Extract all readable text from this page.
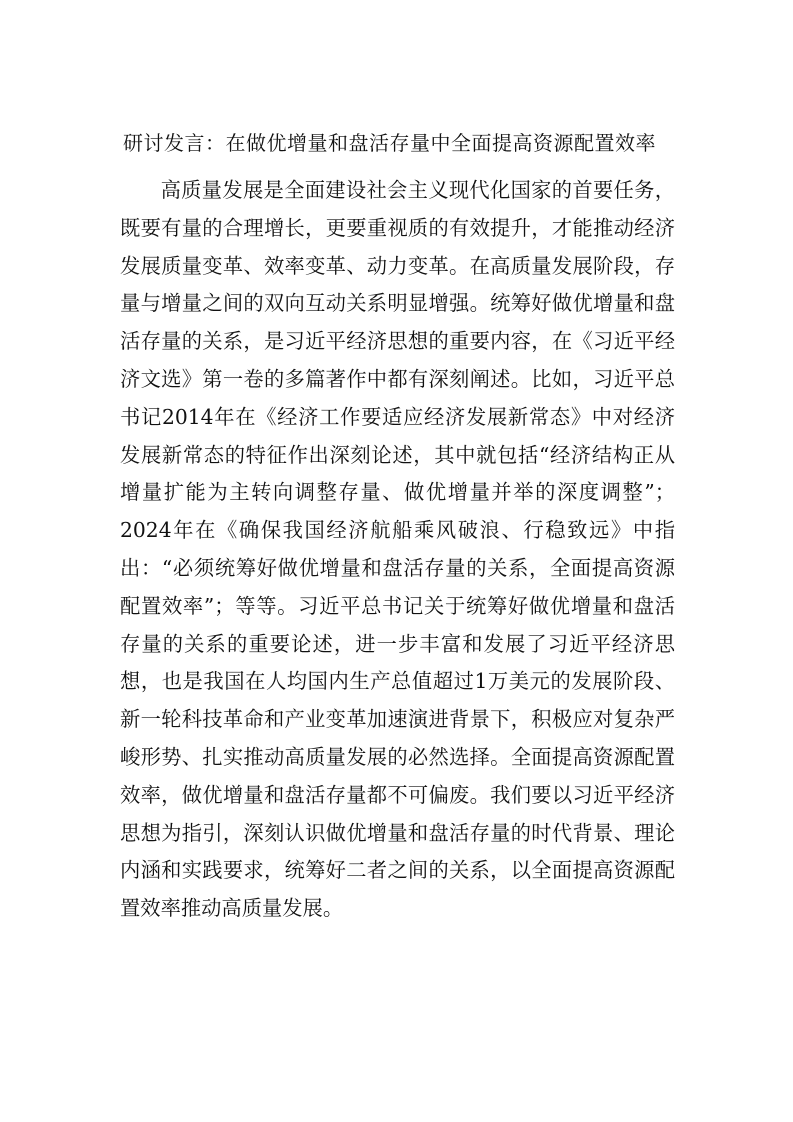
研讨发言：在做优增量和盘活存量中全面提高资源配置效率

高质量发展是全面建设社会主义现代化国家的首要任务，既要有量的合理增长，更要重视质的有效提升，才能推动经济发展质量变革、效率变革、动力变革。在高质量发展阶段，存量与增量之间的双向互动关系明显增强。统筹好做优增量和盘活存量的关系，是习近平经济思想的重要内容，在《习近平经济文选》第一卷的多篇著作中都有深刻阐述。比如，习近平总书记2014年在《经济工作要适应经济发展新常态》中对经济发展新常态的特征作出深刻论述，其中就包括“经济结构正从增量扩能为主转向调整存量、做优增量并举的深度调整”；2024年在《确保我国经济航船乘风破浪、行稳致远》中指出：“必须统筹好做优增量和盘活存量的关系，全面提高资源配置效率”；等等。习近平总书记关于统筹好做优增量和盘活存量的关系的重要论述，进一步丰富和发展了习近平经济思想，也是我国在人均国内生产总值超过1万美元的发展阶段、新一轮科技革命和产业变革加速演进背景下，积极应对复杂严峻形势、扎实推动高质量发展的必然选择。全面提高资源配置效率，做优增量和盘活存量都不可偏废。我们要以习近平经济思想为指引，深刻认识做优增量和盘活存量的时代背景、理论内涵和实践要求，统筹好二者之间的关系，以全面提高资源配置效率推动高质量发展。
